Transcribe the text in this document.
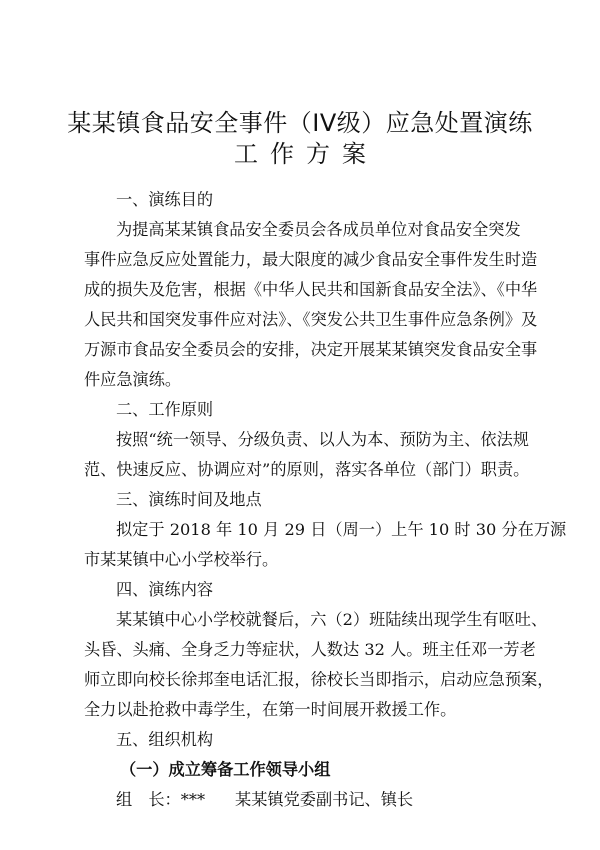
某某镇食品安全事件（IV级）应急处置演练
工作方案

一、演练目的

为提高某某镇食品安全委员会各成员单位对食品安全突发

事件应急反应处置能力，最大限度的减少食品安全事件发生时造

成的损失及危害，根据《中华人民共和国新食品安全法》、《中华

人民共和国突发事件应对法》、《突发公共卫生事件应急条例》及

万源市食品安全委员会的安排，决定开展某某镇突发食品安全事

件应急演练。

二、工作原则

按照“统一领导、分级负责、以人为本、预防为主、依法规

范、快速反应、协调应对”的原则，落实各单位（部门）职责。

三、演练时间及地点

拟定于 2018 年 10 月 29 日（周一）上午 10 时 30 分在万源

市某某镇中心小学校举行。

四、演练内容

某某镇中心小学校就餐后，六（2）班陆续出现学生有呕吐、

头昏、头痛、全身乏力等症状，人数达 32 人。班主任邓一芳老

师立即向校长徐邦奎电话汇报，徐校长当即指示，启动应急预案，

全力以赴抢救中毒学生，在第一时间展开救援工作。

五、组织机构

（一）成立筹备工作领导小组

组　长：*** 某某镇党委副书记、镇长
